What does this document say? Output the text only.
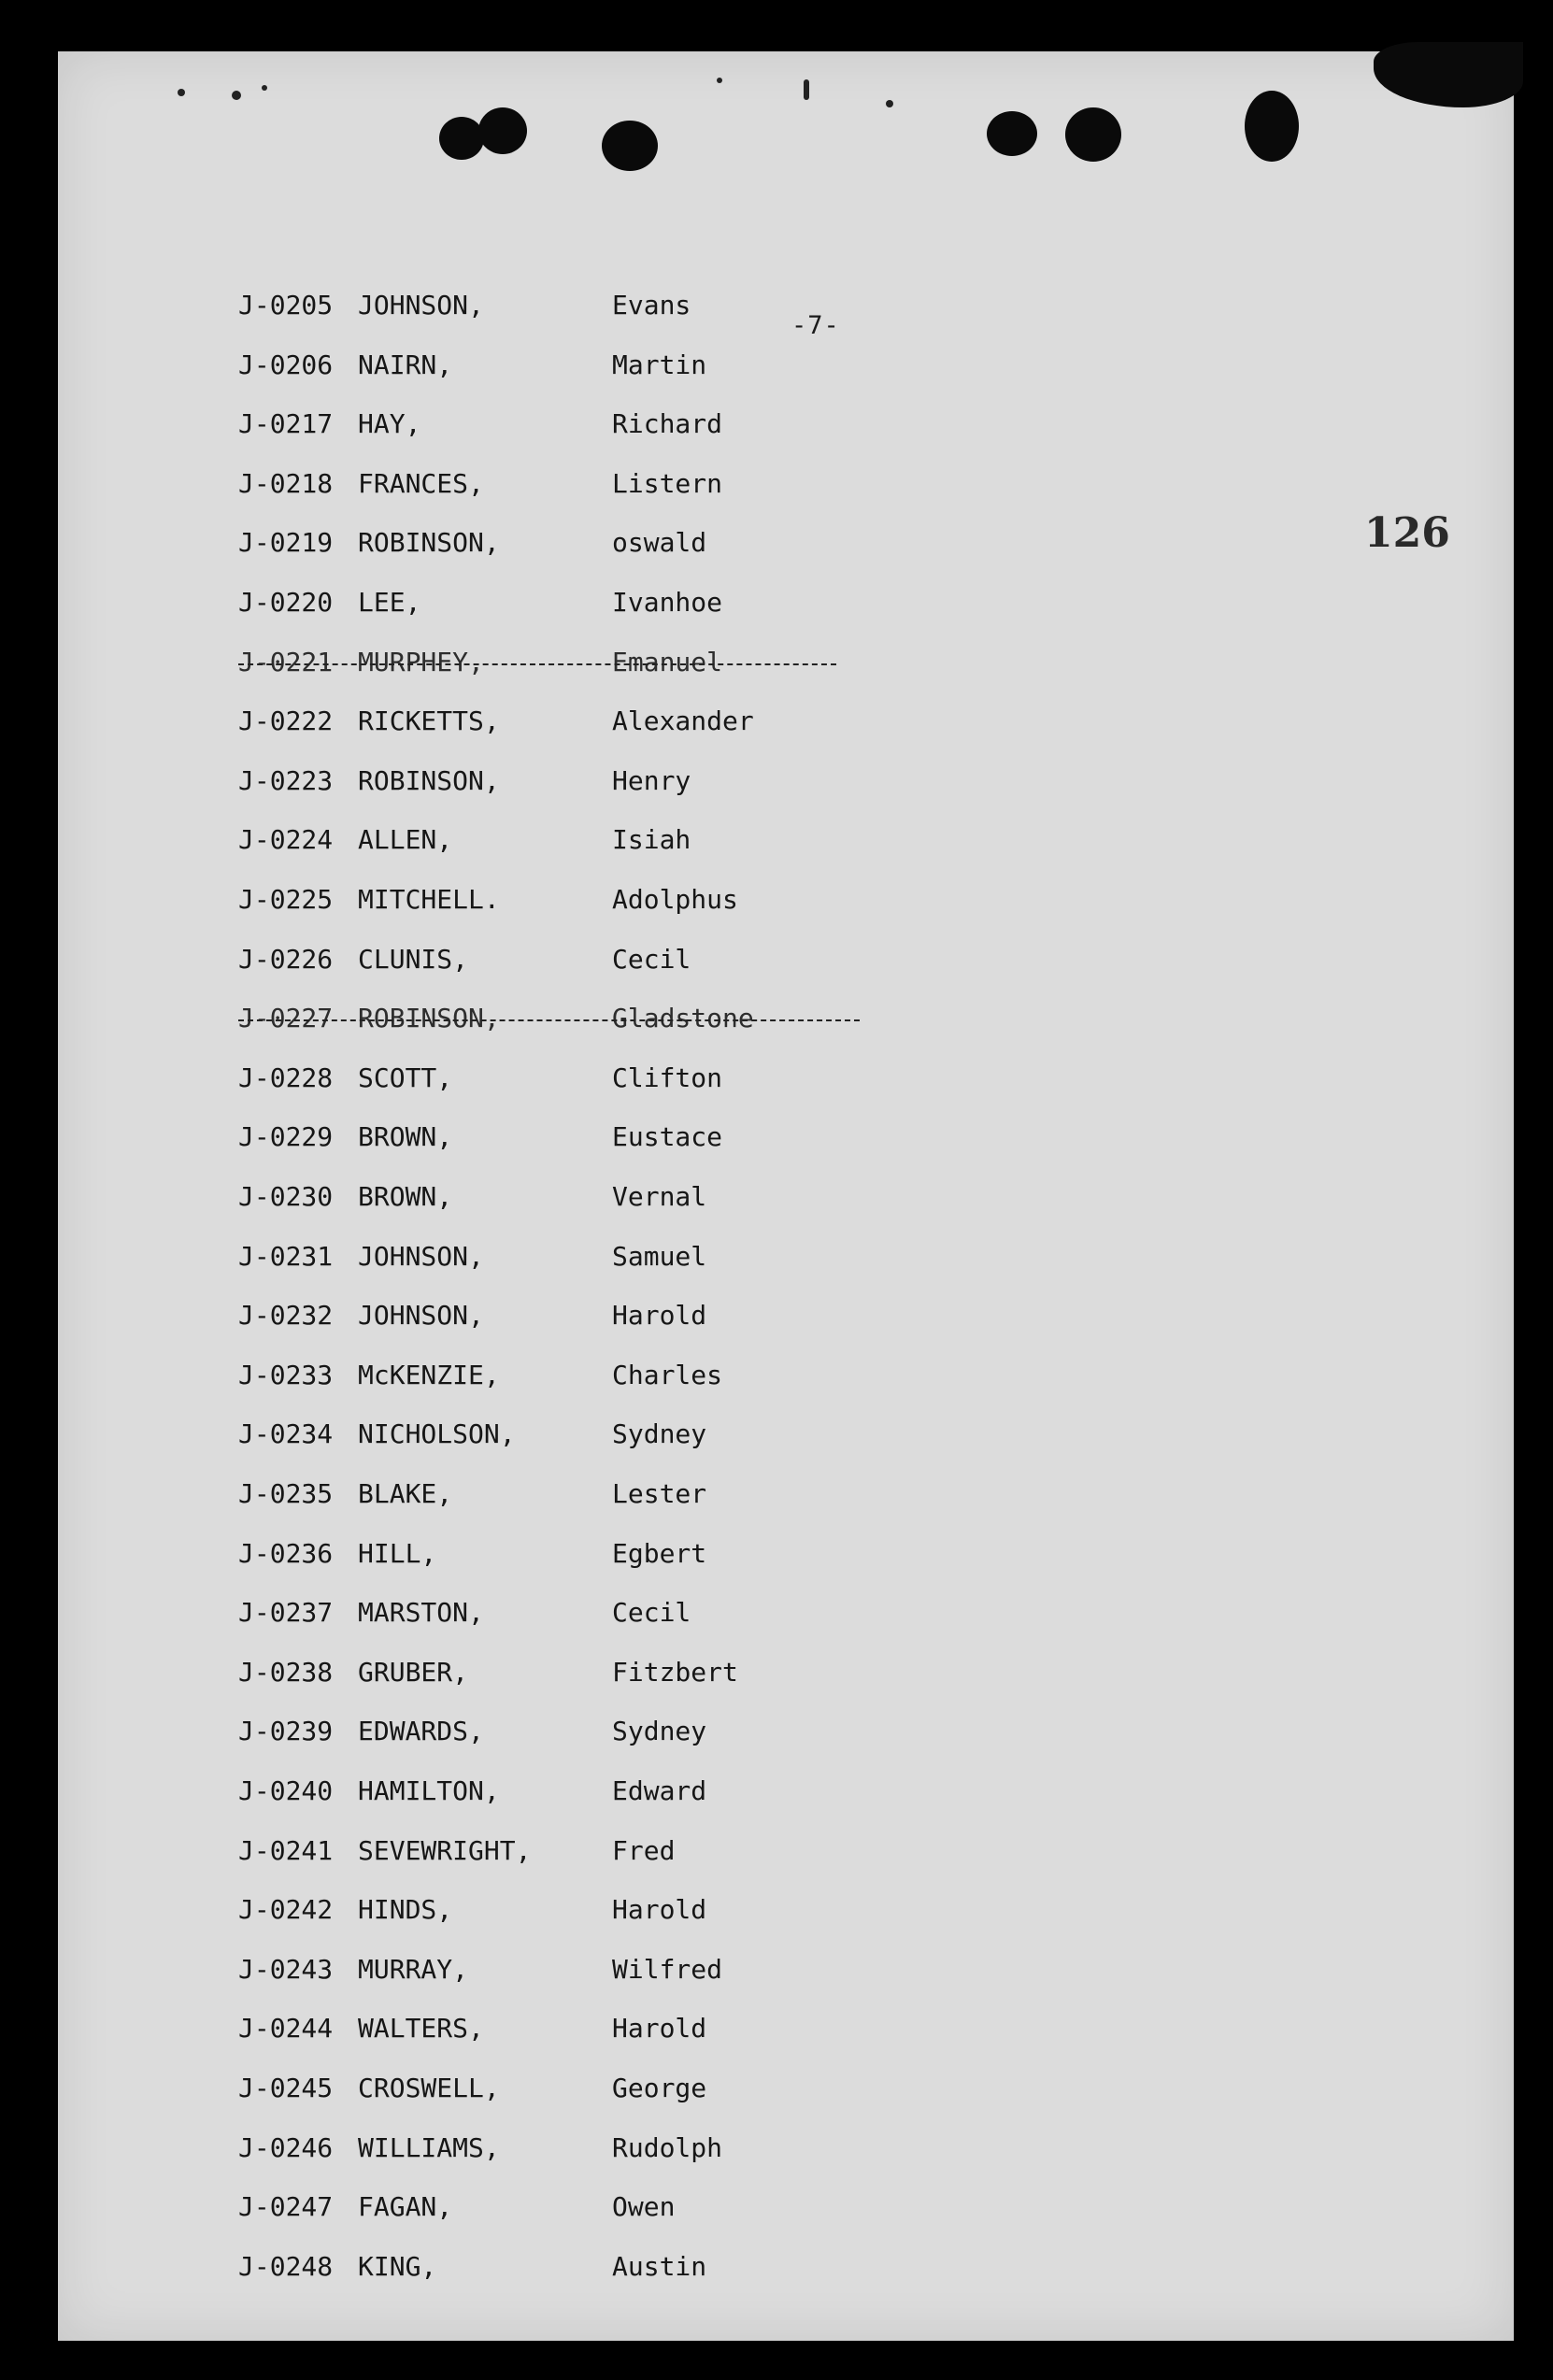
-7-
126
J-0205 JOHNSON,	Evans
J-0206 NAIRN,	Martin
J-0217 HAY,	Richard
J-0218 FRANCES,	Listern
J-0219 ROBINSON,	oswald
J-0220 LEE,	Ivanhoe
J-0221 MURPHEY,	Emanuel
J-0222 RICKETTS,	Alexander
J-0223 ROBINSON,	Henry
J-0224 ALLEN,	Isiah
J-0225 MITCHELL.	Adolphus
J-0226 CLUNIS,	Cecil
J-0227 ROBINSON,	Gladstone
J-0228 SCOTT,	Clifton
J-0229 BROWN,	Eustace
J-0230 BROWN,	Vernal
J-0231 JOHNSON,	Samuel
J-0232 JOHNSON,	Harold
J-0233 McKENZIE,	Charles
J-0234 NICHOLSON,	Sydney
J-0235 BLAKE,	Lester
J-0236 HILL,	Egbert
J-0237 MARSTON,	Cecil
J-0238 GRUBER,	Fitzbert
J-0239 EDWARDS,	Sydney
J-0240 HAMILTON,	Edward
J-0241 SEVEWRIGHT,	Fred
J-0242 HINDS,	Harold
J-0243 MURRAY,	Wilfred
J-0244 WALTERS,	Harold
J-0245 CROSWELL,	George
J-0246 WILLIAMS,	Rudolph
J-0247 FAGAN,	Owen
J-0248 KING,	Austin
